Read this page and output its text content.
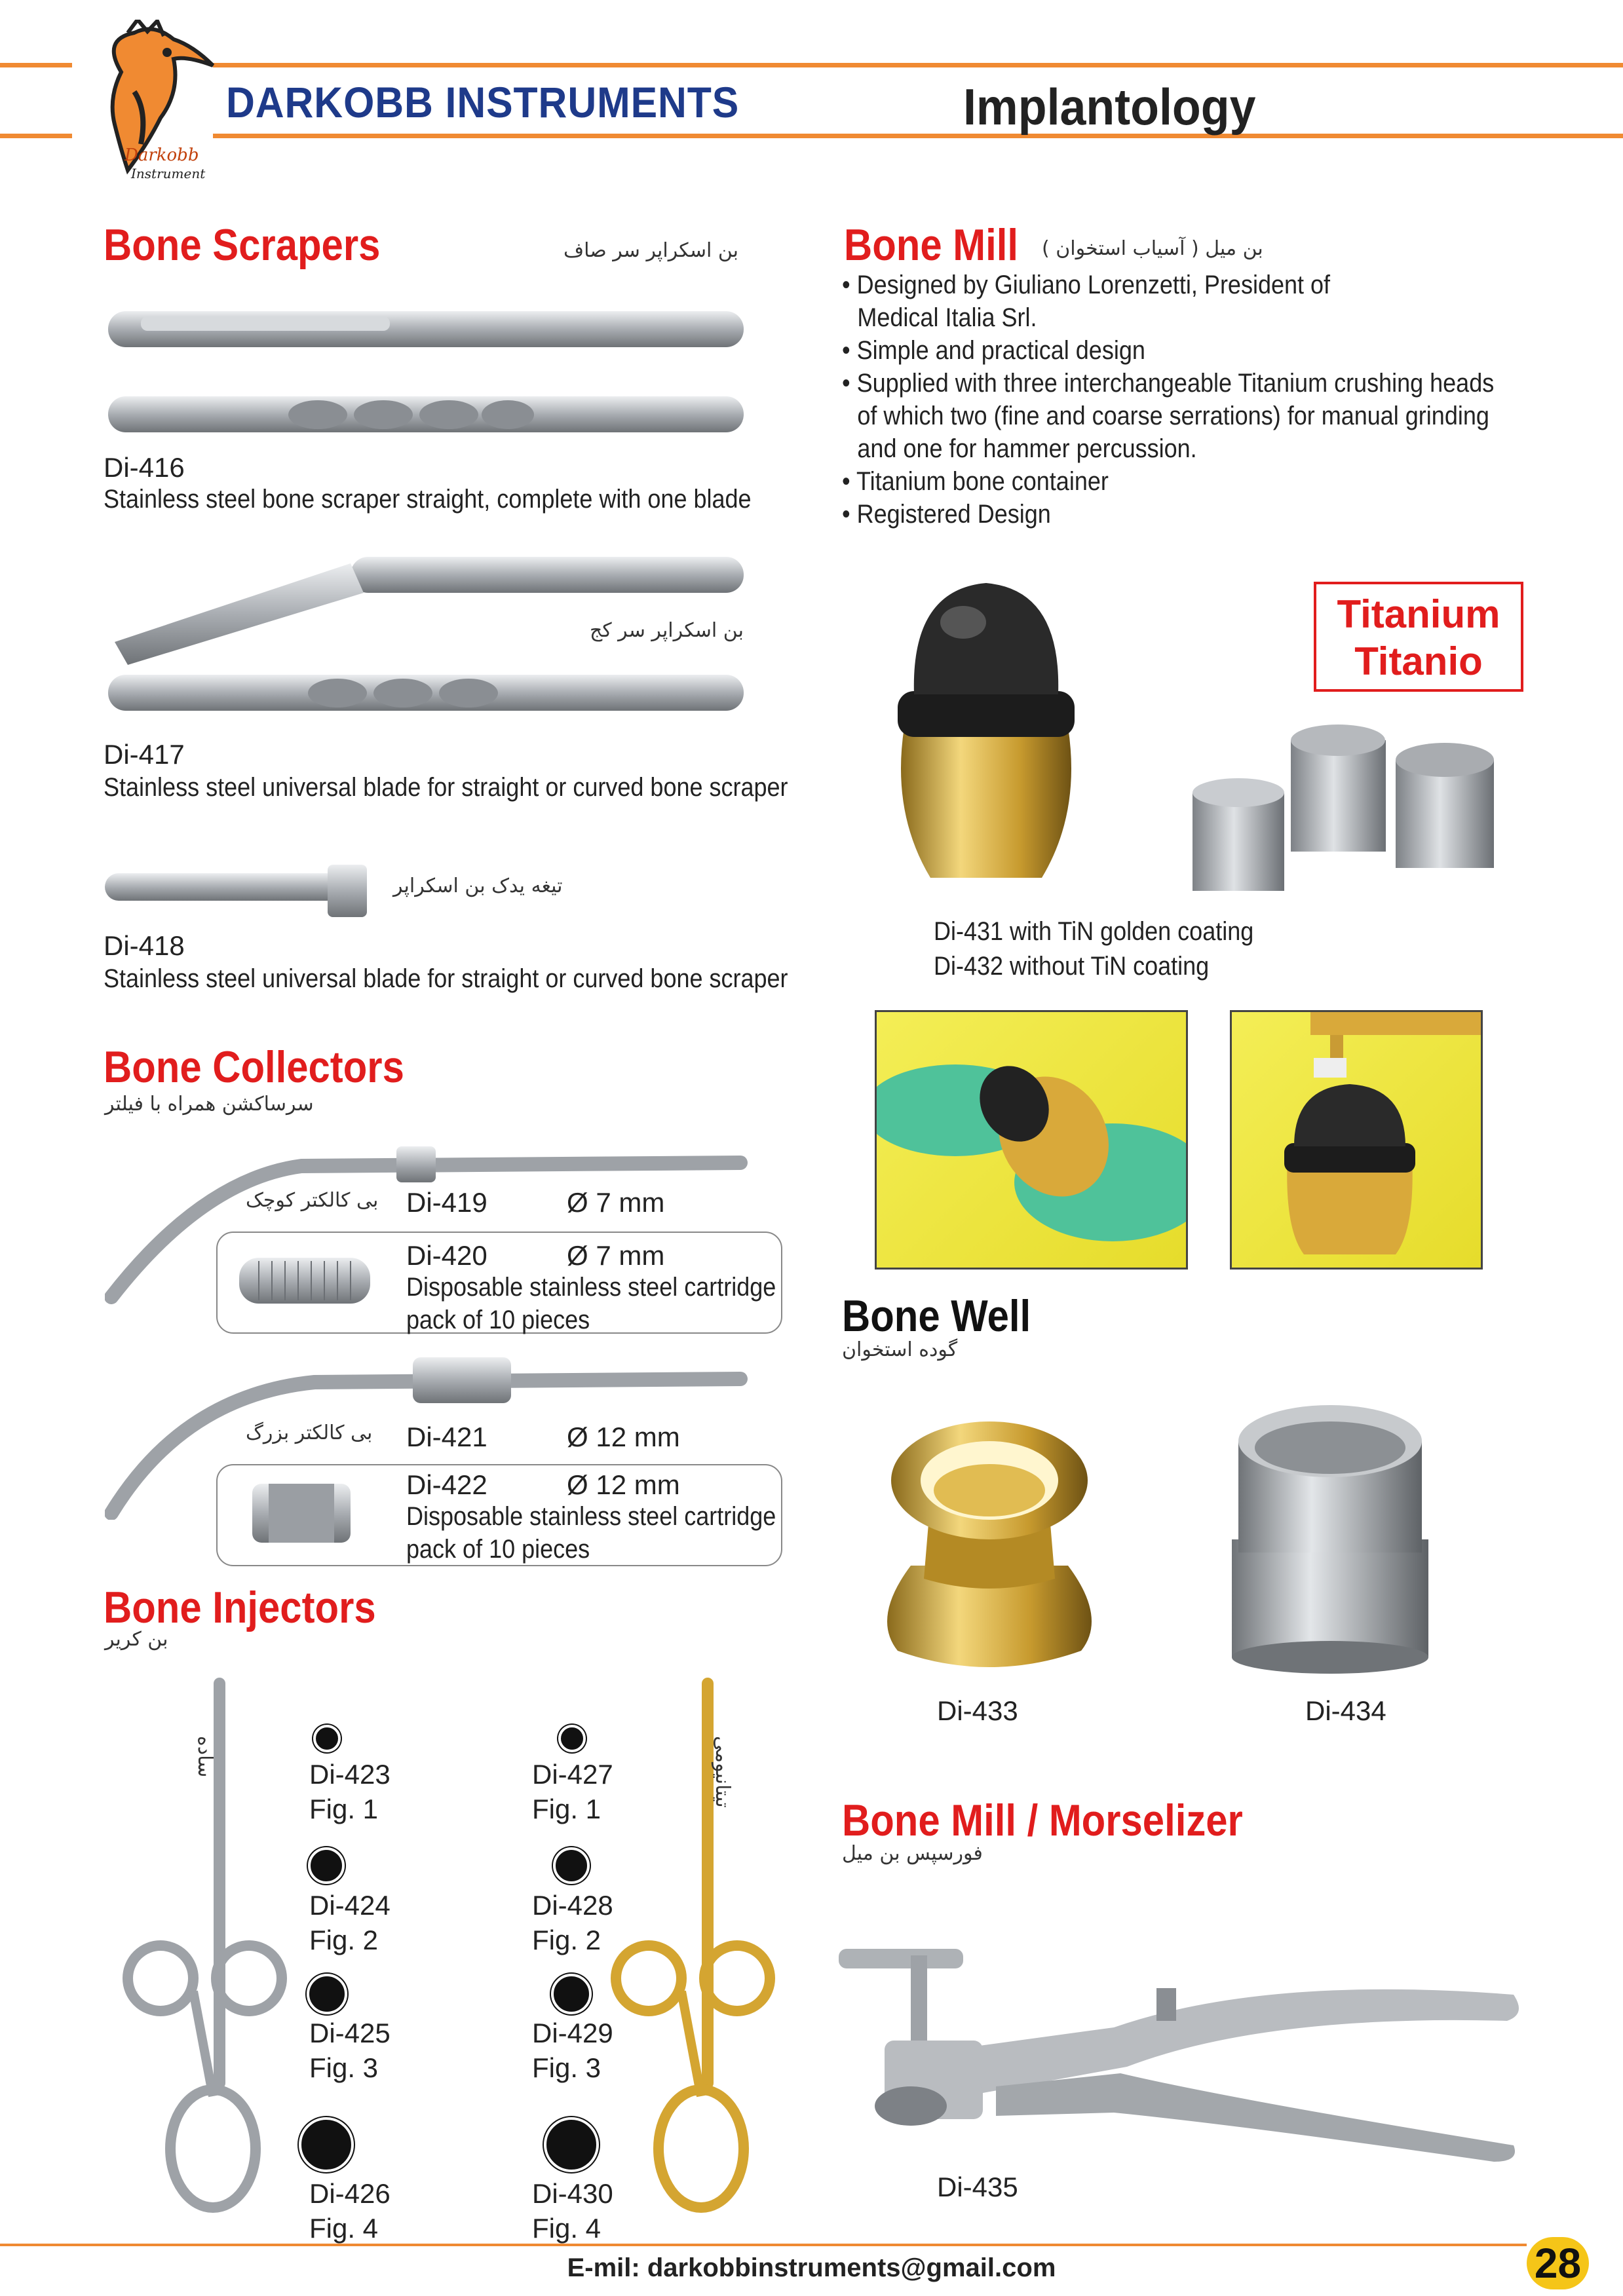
Darkobb
Instrument
DARKOBB INSTRUMENTS	Implantology
Bone Scrapers	بن اسکراپر سر صاف
Di-416
Stainless steel bone scraper straight, complete with one blade
بن اسکراپر سر کج
Di-417
Stainless steel universal blade for straight or curved bone scraper
تیغه یدک بن اسکراپر
Di-418
Stainless steel universal blade for straight or curved bone scraper
Bone Collectors
سرساکشن همراه با فیلتر
بی کالکتر کوچک Di-419	Ø 7 mm
Di-420	Ø 7 mm
Disposable stainless steel cartridge
pack of 10 pieces
بی کالکتر بزرگ Di-421	Ø 12 mm
Di-422	Ø 12 mm
Disposable stainless steel cartridge
pack of 10 pieces
Bone Injectors
بن کریر
ساده	تیتانیومی
Di-423
Fig. 1
Di-424
Fig. 2
Di-425
Fig. 3
Di-426
Fig. 4
Di-427
Fig. 1
Di-428
Fig. 2
Di-429
Fig. 3
Di-430
Fig. 4
Bone Mill بن میل ( آسیاب استخوان )
• Designed by Giuliano Lorenzetti, President of
Medical Italia Srl.
• Simple and practical design
• Supplied with three interchangeable Titanium crushing heads
of which two (fine and coarse serrations) for manual grinding
and one for hammer percussion.
• Titanium bone container
• Registered Design
Titanium
Titanio
Di-431 with TiN golden coating
Di-432 without TiN coating
Bone Well
گوده استخوان
Di-433	Di-434
Bone Mill / Morselizer
فورسپس بن میل
Di-435
E-mil: darkobbinstruments@gmail.com	28
